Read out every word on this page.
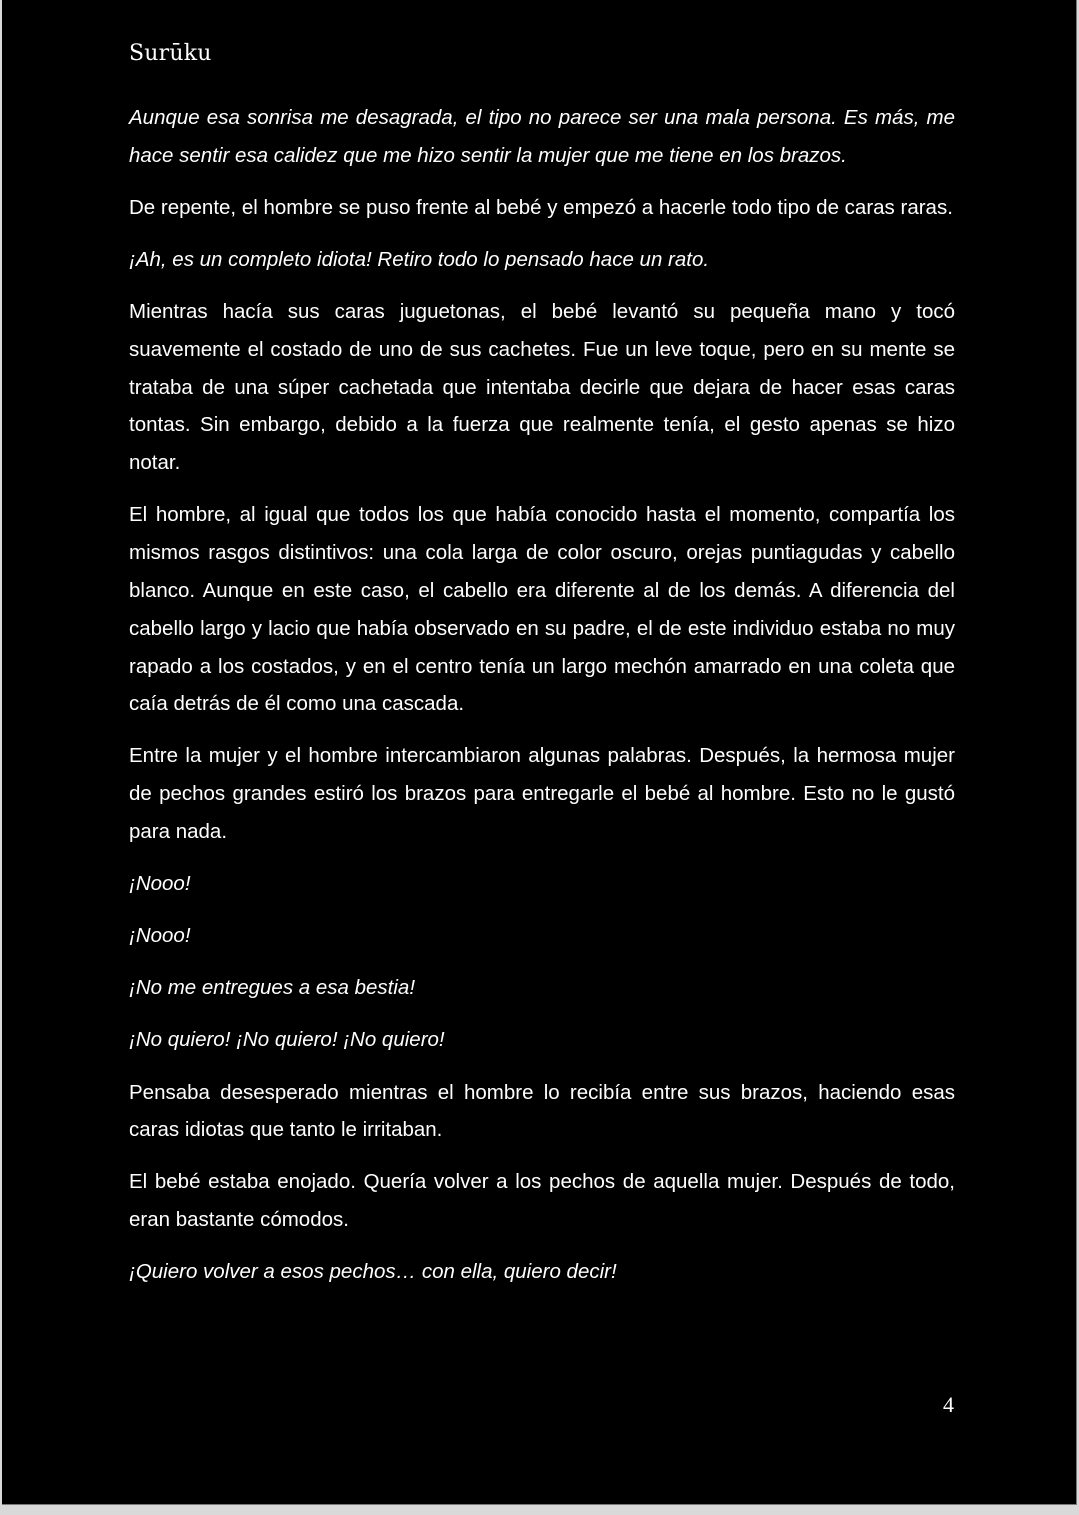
Surūku

Aunque esa sonrisa me desagrada, el tipo no parece ser una mala persona. Es más, me hace sentir esa calidez que me hizo sentir la mujer que me tiene en los brazos.

De repente, el hombre se puso frente al bebé y empezó a hacerle todo tipo de caras raras.

¡Ah, es un completo idiota! Retiro todo lo pensado hace un rato.

Mientras hacía sus caras juguetonas, el bebé levantó su pequeña mano y tocó suavemente el costado de uno de sus cachetes. Fue un leve toque, pero en su mente se trataba de una súper cachetada que intentaba decirle que dejara de hacer esas caras tontas. Sin embargo, debido a la fuerza que realmente tenía, el gesto apenas se hizo notar.

El hombre, al igual que todos los que había conocido hasta el momento, compartía los mismos rasgos distintivos: una cola larga de color oscuro, orejas puntiagudas y cabello blanco. Aunque en este caso, el cabello era diferente al de los demás. A diferencia del cabello largo y lacio que había observado en su padre, el de este individuo estaba no muy rapado a los costados, y en el centro tenía un largo mechón amarrado en una coleta que caía detrás de él como una cascada.

Entre la mujer y el hombre intercambiaron algunas palabras. Después, la hermosa mujer de pechos grandes estiró los brazos para entregarle el bebé al hombre. Esto no le gustó para nada.

¡Nooo!

¡Nooo!

¡No me entregues a esa bestia!

¡No quiero! ¡No quiero! ¡No quiero!

Pensaba desesperado mientras el hombre lo recibía entre sus brazos, haciendo esas caras idiotas que tanto le irritaban.

El bebé estaba enojado. Quería volver a los pechos de aquella mujer. Después de todo, eran bastante cómodos.

¡Quiero volver a esos pechos… con ella, quiero decir!

4
